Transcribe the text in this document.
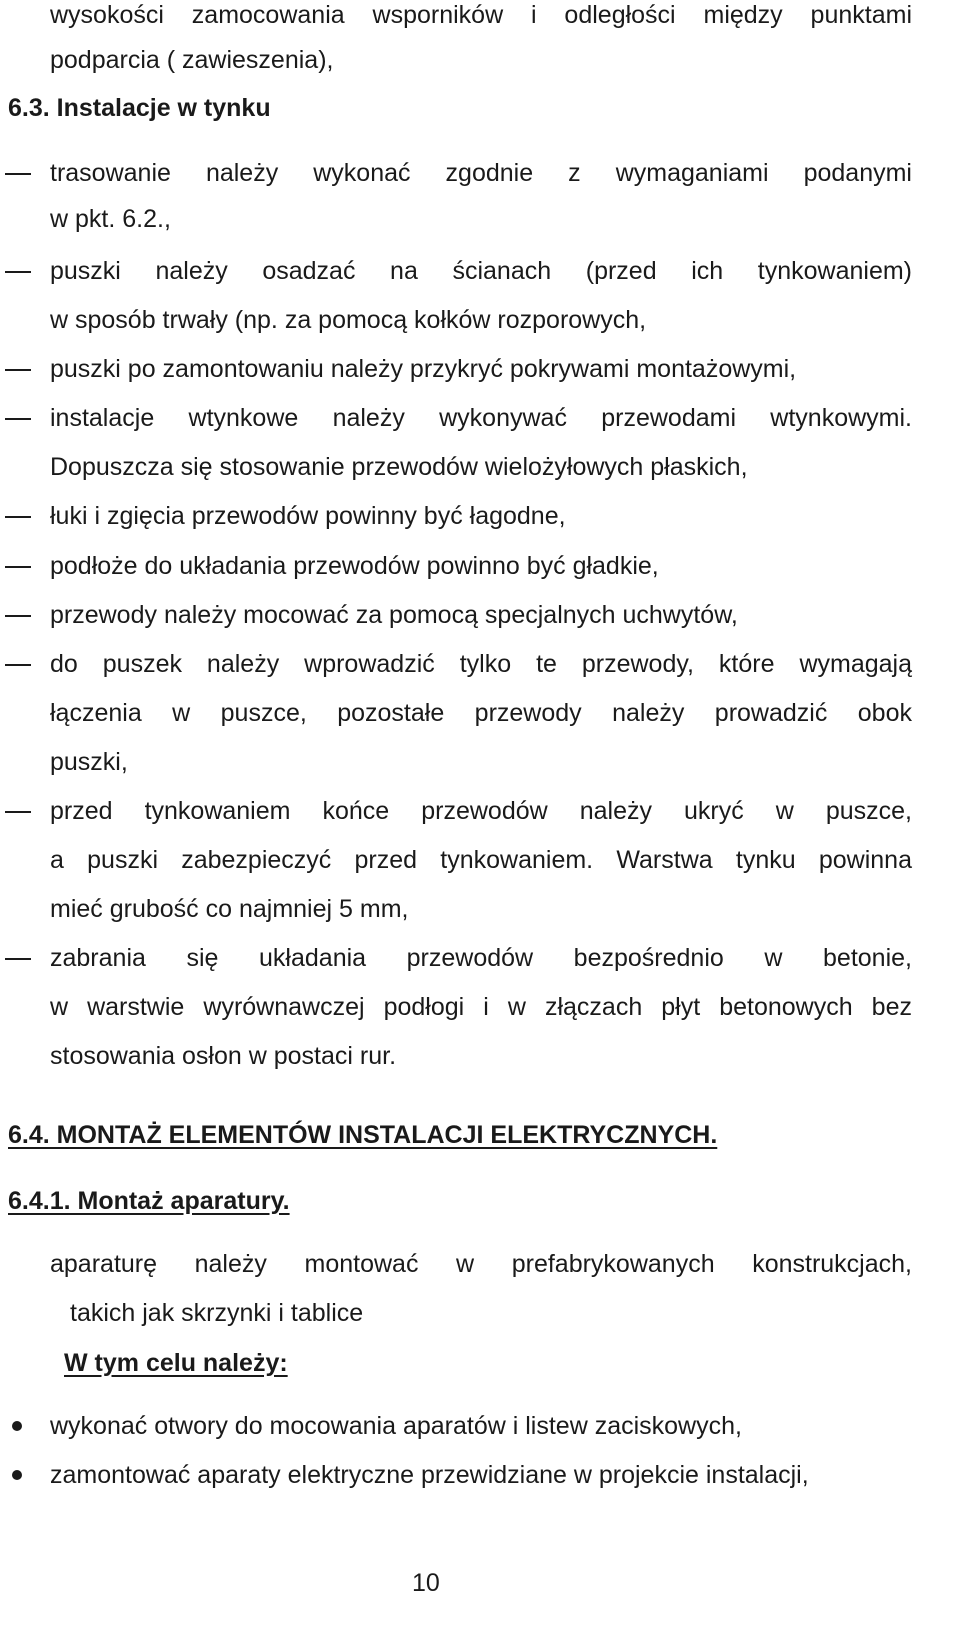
wysokości zamocowania wsporników i odległości między punktami
podparcia ( zawieszenia),
6.3. Instalacje w tynku
trasowanie należy wykonać zgodnie z wymaganiami podanymi
w pkt. 6.2.,
puszki należy osadzać na ścianach (przed ich tynkowaniem)
w sposób trwały (np. za pomocą kołków rozporowych,
puszki po zamontowaniu należy przykryć pokrywami montażowymi,
instalacje wtynkowe należy wykonywać przewodami wtynkowymi.
Dopuszcza się stosowanie przewodów wielożyłowych płaskich,
łuki i zgięcia przewodów powinny być łagodne,
podłoże do układania przewodów powinno być gładkie,
przewody należy mocować za pomocą specjalnych uchwytów,
do puszek należy wprowadzić tylko te przewody, które wymagają
łączenia w puszce, pozostałe przewody należy prowadzić obok
puszki,
przed tynkowaniem końce przewodów należy ukryć w puszce,
a puszki zabezpieczyć przed tynkowaniem. Warstwa tynku powinna
mieć grubość co najmniej 5 mm,
zabrania się układania przewodów bezpośrednio w betonie,
w warstwie wyrównawczej podłogi i w złączach płyt betonowych bez
stosowania osłon w postaci rur.
6.4. MONTAŻ ELEMENTÓW INSTALACJI ELEKTRYCZNYCH.
6.4.1. Montaż aparatury.
aparaturę należy montować w prefabrykowanych konstrukcjach,
takich jak skrzynki i tablice
W tym celu należy:
wykonać otwory do mocowania aparatów i listew zaciskowych,
zamontować aparaty elektryczne przewidziane w projekcie instalacji,
10
